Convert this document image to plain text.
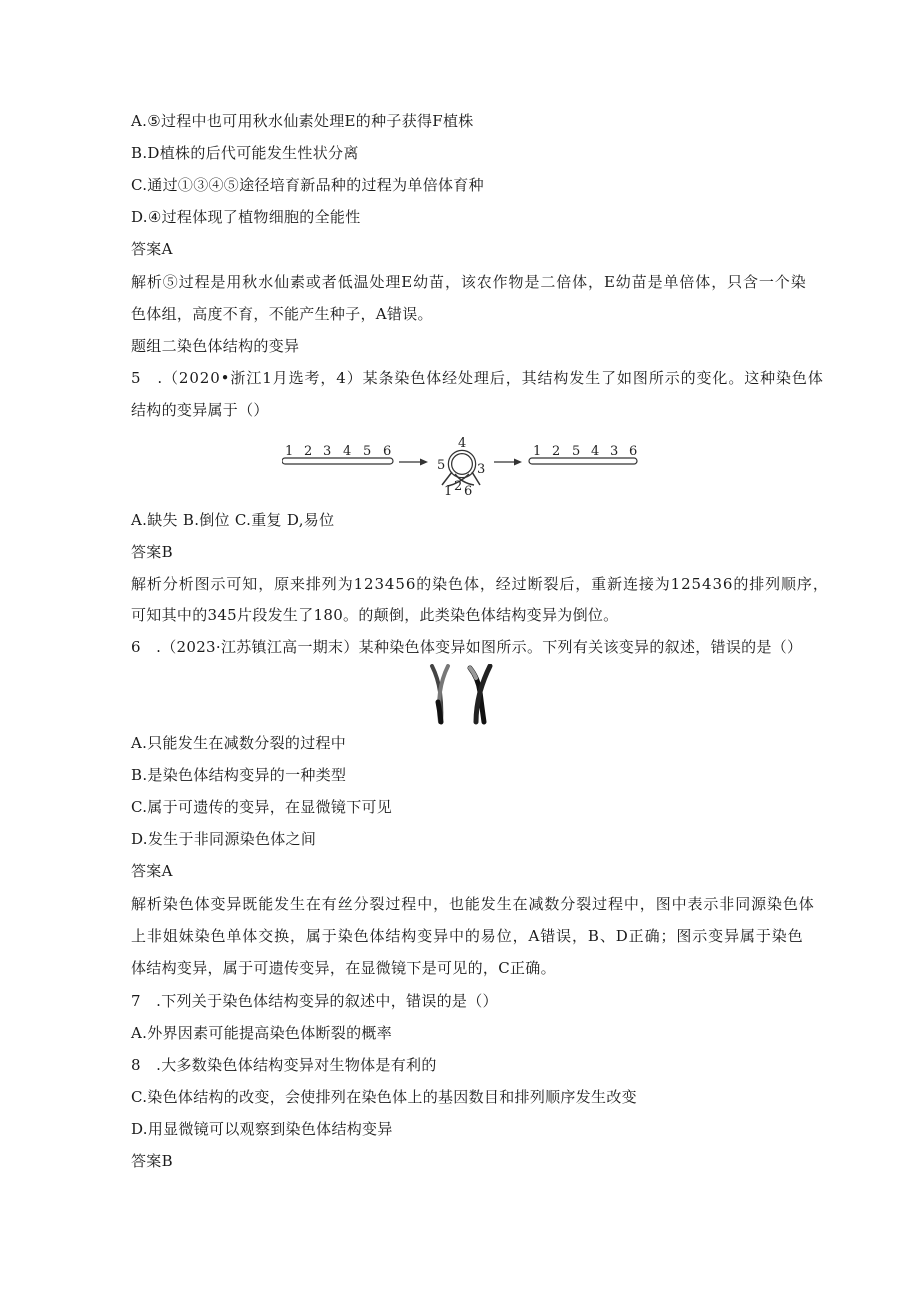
A.⑤过程中也可用秋水仙素处理E的种子获得F植株
B.D植株的后代可能发生性状分离
C.通过①③④⑤途径培育新品种的过程为单倍体育种
D.④过程体现了植物细胞的全能性
答案A
解析⑤过程是用秋水仙素或者低温处理E幼苗，该农作物是二倍体，E幼苗是单倍体，只含一个染
色体组，高度不育，不能产生种子，A错误。
题组二染色体结构的变异
5　.（2020•浙江1月选考，4）某条染色体经处理后，其结构发生了如图所示的变化。这种染色体
结构的变异属于（）
1 2 3 4 5 6
4
5 3
1 2 6
1 2 5 4 3 6
A.缺失 B.倒位 C.重复 D,易位
答案B
解析分析图示可知，原来排列为123456的染色体，经过断裂后，重新连接为125436的排列顺序，
可知其中的345片段发生了180。的颠倒，此类染色体结构变异为倒位。
6　.（2023·江苏镇江高一期末）某种染色体变异如图所示。下列有关该变异的叙述，错误的是（）
A.只能发生在减数分裂的过程中
B.是染色体结构变异的一种类型
C.属于可遗传的变异，在显微镜下可见
D.发生于非同源染色体之间
答案A
解析染色体变异既能发生在有丝分裂过程中，也能发生在减数分裂过程中，图中表示非同源染色体
上非姐妹染色单体交换，属于染色体结构变异中的易位，A错误，B、D正确；图示变异属于染色
体结构变异，属于可遗传变异，在显微镜下是可见的，C正确。
7　.下列关于染色体结构变异的叙述中，错误的是（）
A.外界因素可能提高染色体断裂的概率
8　.大多数染色体结构变异对生物体是有利的
C.染色体结构的改变，会使排列在染色体上的基因数目和排列顺序发生改变
D.用显微镜可以观察到染色体结构变异
答案B
